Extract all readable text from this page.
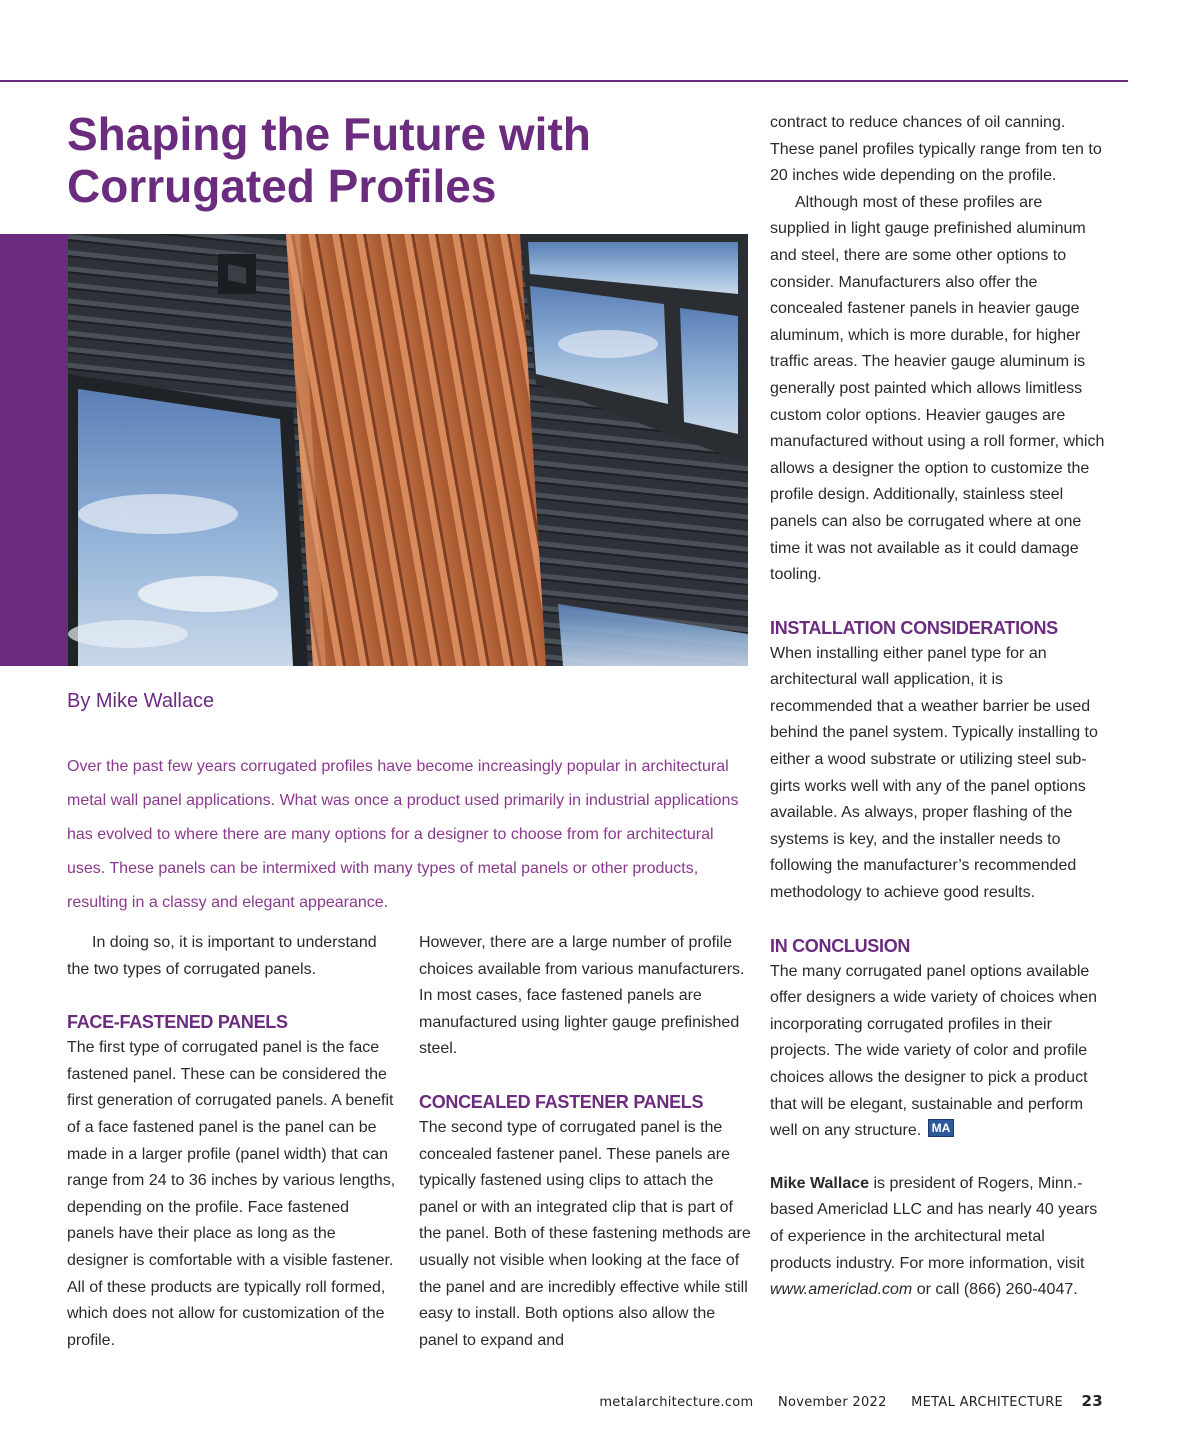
Shaping the Future with
Corrugated Profiles
By Mike Wallace

Over the past few years corrugated profiles have become increasingly popular in architectural metal wall panel applications. What was once a product used primarily in industrial applications has evolved to where there are many options for a designer to choose from for architectural uses. These panels can be intermixed with many types of metal panels or other products, resulting in a classy and elegant appearance.

In doing so, it is important to understand the two types of corrugated panels.

FACE-FASTENED PANELS

The first type of corrugated panel is the face fastened panel. These can be considered the first generation of corrugated panels. A benefit of a face fastened panel is the panel can be made in a larger profile (panel width) that can range from 24 to 36 inches by various lengths, depending on the profile. Face fastened panels have their place as long as the designer is comfortable with a visible fastener. All of these products are typically roll formed, which does not allow for customization of the profile.

However, there are a large number of profile choices available from various manufacturers. In most cases, face fastened panels are manufactured using lighter gauge prefinished steel.

CONCEALED FASTENER PANELS

The second type of corrugated panel is the concealed fastener panel. These panels are typically fastened using clips to attach the panel or with an integrated clip that is part of the panel. Both of these fastening methods are usually not visible when looking at the face of the panel and are incredibly effective while still easy to install. Both options also allow the panel to expand and

contract to reduce chances of oil canning. These panel profiles typically range from ten to 20 inches wide depending on the profile.

Although most of these profiles are supplied in light gauge prefinished aluminum and steel, there are some other options to consider. Manufacturers also offer the concealed fastener panels in heavier gauge aluminum, which is more durable, for higher traffic areas. The heavier gauge aluminum is generally post painted which allows limitless custom color options. Heavier gauges are manufactured without using a roll former, which allows a designer the option to customize the profile design. Additionally, stainless steel panels can also be corrugated where at one time it was not available as it could damage tooling.

INSTALLATION CONSIDERATIONS

When installing either panel type for an architectural wall application, it is recommended that a weather barrier be used behind the panel system. Typically installing to either a wood substrate or utilizing steel sub-girts works well with any of the panel options available. As always, proper flashing of the systems is key, and the installer needs to following the manufacturer’s recommended methodology to achieve good results.

IN CONCLUSION

The many corrugated panel options available offer designers a wide variety of choices when incorporating corrugated profiles in their projects. The wide variety of color and profile choices allows the designer to pick a product that will be elegant, sustainable and perform well on any structure. MA

Mike Wallace is president of Rogers, Minn.-based Americlad LLC and has nearly 40 years of experience in the architectural metal products industry. For more information, visit www.americlad.com or call (866) 260-4047.

metalarchitecture.com November 2022 METAL ARCHITECTURE 23
